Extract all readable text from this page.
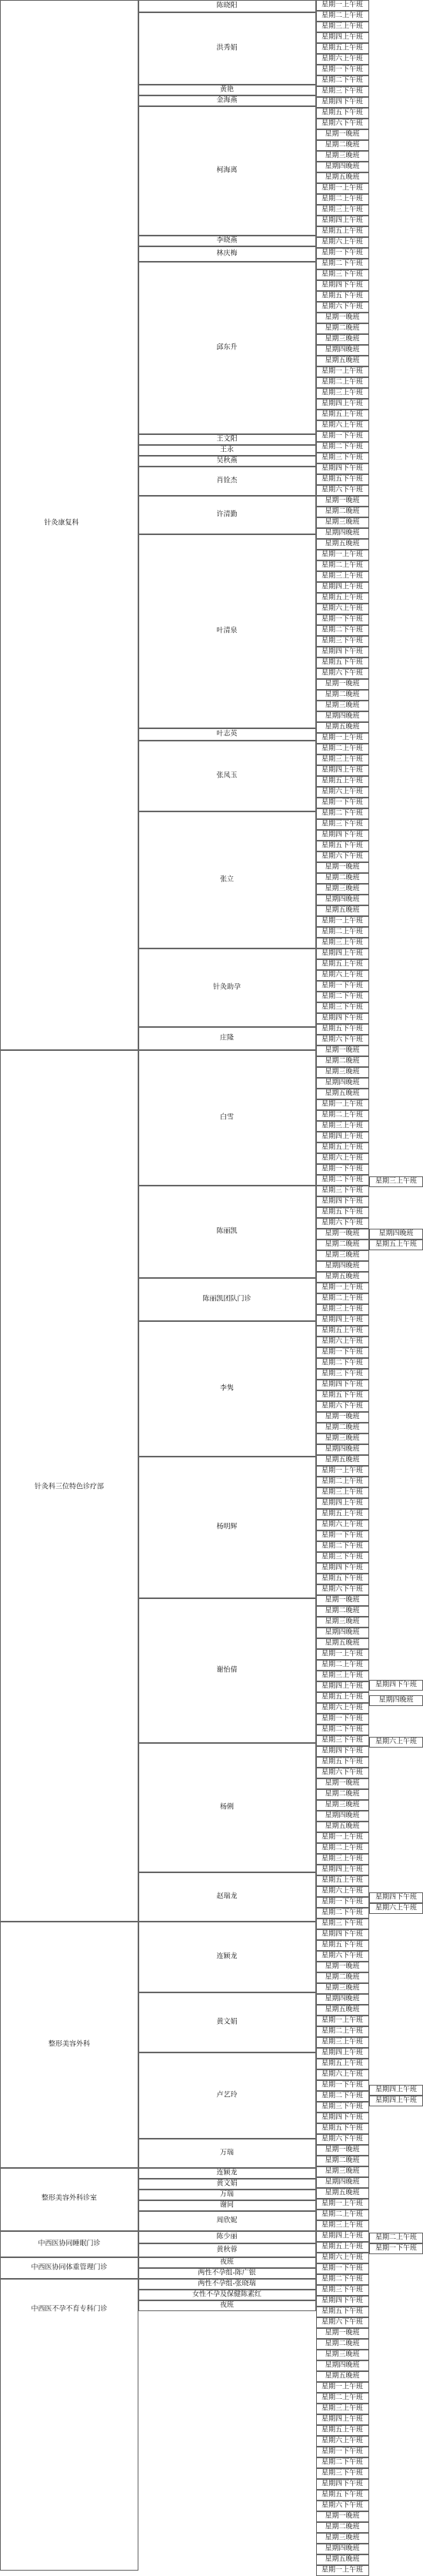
针灸康复科
针灸科三位特色诊疗部
整形美容外科
整形美容外科诊室
中西医协同睡眠门诊
中西医协同体重管理门诊
中西医不孕不育专科门诊
陈晓阳
洪秀娟
黄艳
金海燕
柯海离
李晓燕
林庆梅
邱东升
王文阳
王永
吴秋燕
肖铨杰
许清勤
叶清泉
叶志英
张凤玉
张立
针灸助孕
庄隆
白雪
陈丽凯
陈丽凯团队门诊
李隽
杨明辉
谢怡倩
杨俐
赵瑞龙
连颖龙
黄文娟
卢艺玲
万瑞
连颖龙
黄文娟
万瑞
谢同
周欣妮
陈少丽
黄秋蓉
夜班
两性不孕组-陈广银
两性不孕组-张晓瑞
女性不孕及保健陈素红
夜班
星期一上午班
星期二上午班
星期三上午班
星期四上午班
星期五上午班
星期六上午班
星期一下午班
星期二下午班
星期三下午班
星期四下午班
星期五下午班
星期六下午班
星期一晚班
星期二晚班
星期三晚班
星期四晚班
星期五晚班
星期一上午班
星期二上午班
星期三上午班
星期四上午班
星期五上午班
星期六上午班
星期一下午班
星期二下午班
星期三下午班
星期四下午班
星期五下午班
星期六下午班
星期一晚班
星期二晚班
星期三晚班
星期四晚班
星期五晚班
星期一上午班
星期二上午班
星期三上午班
星期四上午班
星期五上午班
星期六上午班
星期一下午班
星期二下午班
星期三下午班
星期四下午班
星期五下午班
星期六下午班
星期一晚班
星期二晚班
星期三晚班
星期四晚班
星期五晚班
星期一上午班
星期二上午班
星期三上午班
星期四上午班
星期五上午班
星期六上午班
星期一下午班
星期二下午班
星期三下午班
星期四下午班
星期五下午班
星期六下午班
星期一晚班
星期二晚班
星期三晚班
星期四晚班
星期五晚班
星期一上午班
星期二上午班
星期三上午班
星期四上午班
星期五上午班
星期六上午班
星期一下午班
星期二下午班
星期三下午班
星期四下午班
星期五下午班
星期六下午班
星期一晚班
星期二晚班
星期三晚班
星期四晚班
星期五晚班
星期一上午班
星期二上午班
星期三上午班
星期四上午班
星期五上午班
星期六上午班
星期一下午班
星期二下午班
星期三下午班
星期四下午班
星期五下午班
星期六下午班
星期一晚班
星期二晚班
星期三晚班
星期四晚班
星期五晚班
星期一上午班
星期二上午班
星期三上午班
星期四上午班
星期五上午班
星期六上午班
星期一下午班
星期二下午班
星期三下午班
星期四下午班
星期五下午班
星期六下午班
星期一晚班
星期二晚班
星期三晚班
星期四晚班
星期五晚班
星期一上午班
星期二上午班
星期三上午班
星期四上午班
星期五上午班
星期六上午班
星期一下午班
星期二下午班
星期三下午班
星期四下午班
星期五下午班
星期六下午班
星期一晚班
星期二晚班
星期三晚班
星期四晚班
星期五晚班
星期一上午班
星期二上午班
星期三上午班
星期四上午班
星期五上午班
星期六上午班
星期一下午班
星期二下午班
星期三下午班
星期四下午班
星期五下午班
星期六下午班
星期一晚班
星期二晚班
星期三晚班
星期四晚班
星期五晚班
星期一上午班
星期二上午班
星期三上午班
星期四上午班
星期五上午班
星期六上午班
星期一下午班
星期二下午班
星期三下午班
星期四下午班
星期五下午班
星期六下午班
星期一晚班
星期二晚班
星期三晚班
星期四晚班
星期五晚班
星期一上午班
星期二上午班
星期三上午班
星期四上午班
星期五上午班
星期六上午班
星期一下午班
星期二下午班
星期三下午班
星期四下午班
星期五下午班
星期六下午班
星期一晚班
星期二晚班
星期三晚班
星期四晚班
星期五晚班
星期一上午班
星期二上午班
星期三上午班
星期四上午班
星期五上午班
星期六上午班
星期一下午班
星期二下午班
星期三下午班
星期四下午班
星期五下午班
星期六下午班
星期一晚班
星期二晚班
星期三晚班
星期四晚班
星期五晚班
星期一上午班
星期二上午班
星期三上午班
星期四上午班
星期五上午班
星期六上午班
星期一下午班
星期二下午班
星期三下午班
星期四下午班
星期五下午班
星期六下午班
星期一晚班
星期二晚班
星期三晚班
星期四晚班
星期五晚班
星期一上午班
星期二上午班
星期三上午班
星期四上午班
星期五上午班
星期六上午班
星期一下午班
星期二下午班
星期三下午班
星期四下午班
星期五下午班
星期六下午班
星期一晚班
星期二晚班
星期三晚班
星期四晚班
星期五晚班
星期一上午班
星期三上午班
星期四晚班
星期五上午班
星期四下午班
星期四晚班
星期六上午班
星期四下午班
星期六上午班
星期四上午班
星期四上午班
星期二上午班
星期一下午班
